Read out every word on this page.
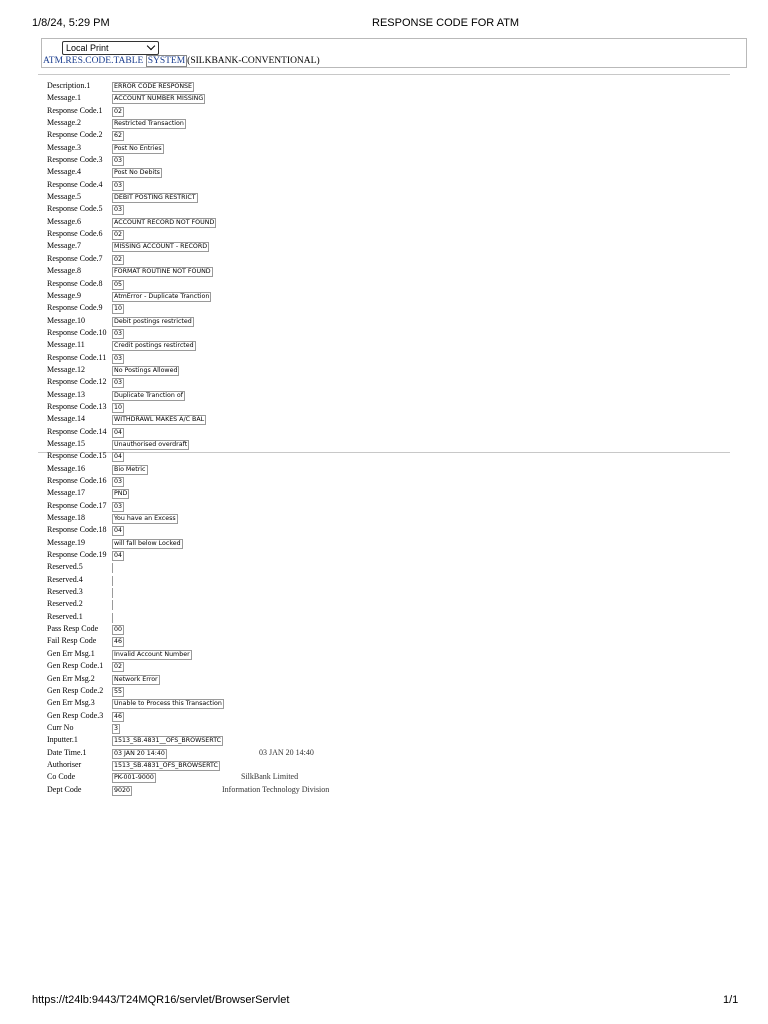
1/8/24, 5:29 PM	RESPONSE CODE FOR ATM
Local Print
ATM.RES.CODE.TABLE SYSTEM (SILKBANK-CONVENTIONAL)
Description.1	ERROR CODE RESPONSE
Message.1	ACCOUNT NUMBER MISSING
Response Code.1	02
Message.2	Restricted Transaction
Response Code.2	62
Message.3	Post No Entries
Response Code.3	03
Message.4	Post No Debits
Response Code.4	03
Message.5	DEBIT POSTING RESTRICT
Response Code.5	03
Message.6	ACCOUNT RECORD NOT FOUND
Response Code.6	02
Message.7	MISSING ACCOUNT - RECORD
Response Code.7	02
Message.8	FORMAT ROUTINE NOT FOUND
Response Code.8	05
Message.9	AtmError - Duplicate Tranction
Response Code.9	10
Message.10	Debit postings restricted
Response Code.10	03
Message.11	Credit postings restircted
Response Code.11	03
Message.12	No Postings Allowed
Response Code.12	03
Message.13	Duplicate Tranction of
Response Code.13	10
Message.14	WITHDRAWL MAKES A/C BAL
Response Code.14	04
Message.15	Unauthorised overdraft
Response Code.15	04
Message.16	Bio Metric
Response Code.16	03
Message.17	PND
Response Code.17	03
Message.18	You have an Excess
Response Code.18	04
Message.19	will fall below Locked
Response Code.19	04
Reserved.5
Reserved.4
Reserved.3
Reserved.2
Reserved.1
Pass Resp Code	00
Fail Resp Code	46
Gen Err Msg.1	Invalid Account Number
Gen Resp Code.1	02
Gen Err Msg.2	Network Error
Gen Resp Code.2	55
Gen Err Msg.3	Unable to Process this Transaction
Gen Resp Code.3	46
Curr No	3
Inputter.1	1513_SB.4831__OFS_BROWSERTC
Date Time.1	03 JAN 20 14:40	03 JAN 20 14:40
Authoriser	1513_SB.4831_OFS_BROWSERTC
Co Code	PK-001-9000	SilkBank Limited
Dept Code	9020	Information Technology Division
https://t24lb:9443/T24MQR16/servlet/BrowserServlet	1/1
